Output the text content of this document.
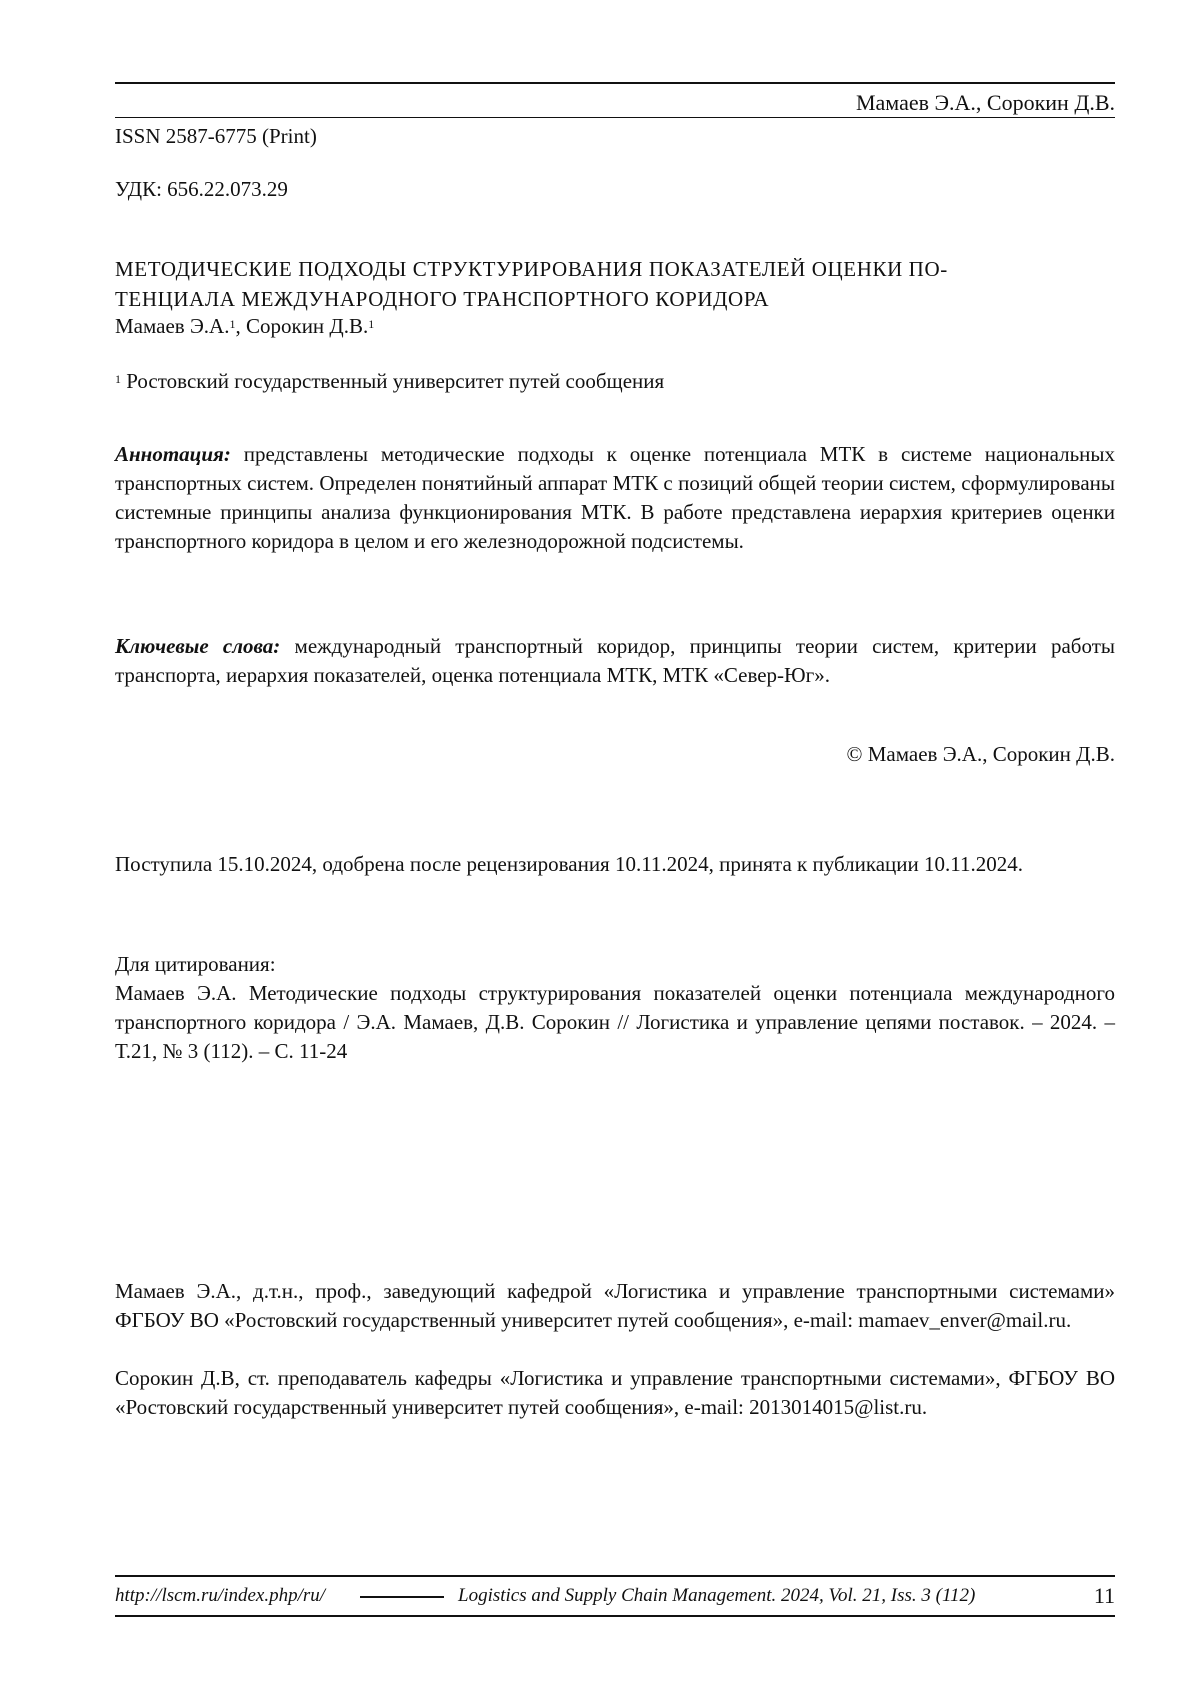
Мамаев Э.А., Сорокин Д.В.
ISSN 2587-6775 (Print)
УДК: 656.22.073.29
МЕТОДИЧЕСКИЕ ПОДХОДЫ СТРУКТУРИРОВАНИЯ ПОКАЗАТЕЛЕЙ ОЦЕНКИ ПО-
ТЕНЦИАЛА МЕЖДУНАРОДНОГО ТРАНСПОРТНОГО КОРИДОРА
Мамаев Э.А.$^1$, Сорокин Д.В.$^1$
$^1$ Ростовский государственный университет путей сообщения
Аннотация: представлены методические подходы к оценке потенциала МТК в системе национальных транспортных систем. Определен понятийный аппарат МТК с позиций общей теории систем, сформулированы системные принципы анализа функционирования МТК. В работе представлена иерархия критериев оценки транспортного коридора в целом и его железнодорожной подсистемы.
Ключевые слова: международный транспортный коридор, принципы теории систем, критерии работы транспорта, иерархия показателей, оценка потенциала МТК, МТК «Север-Юг».
© Мамаев Э.А., Сорокин Д.В.
Поступила 15.10.2024, одобрена после рецензирования 10.11.2024, принята к публикации 10.11.2024.
Для цитирования:
Мамаев Э.А. Методические подходы структурирования показателей оценки потенциала международного транспортного коридора / Э.А. Мамаев, Д.В. Сорокин // Логистика и управление цепями поставок. – 2024. – Т.21, № 3 (112). – С. 11-24
Мамаев Э.А., д.т.н., проф., заведующий кафедрой «Логистика и управление транспортными системами» ФГБОУ ВО «Ростовский государственный университет путей сообщения», e-mail: mamaev_enver@mail.ru.
Сорокин Д.В, ст. преподаватель кафедры «Логистика и управление транспортными системами», ФГБОУ ВО «Ростовский государственный университет путей сообщения», e-mail: 2013014015@list.ru.
http://lscm.ru/index.php/ru/	Logistics and Supply Chain Management. 2024, Vol. 21, Iss. 3 (112)	11
